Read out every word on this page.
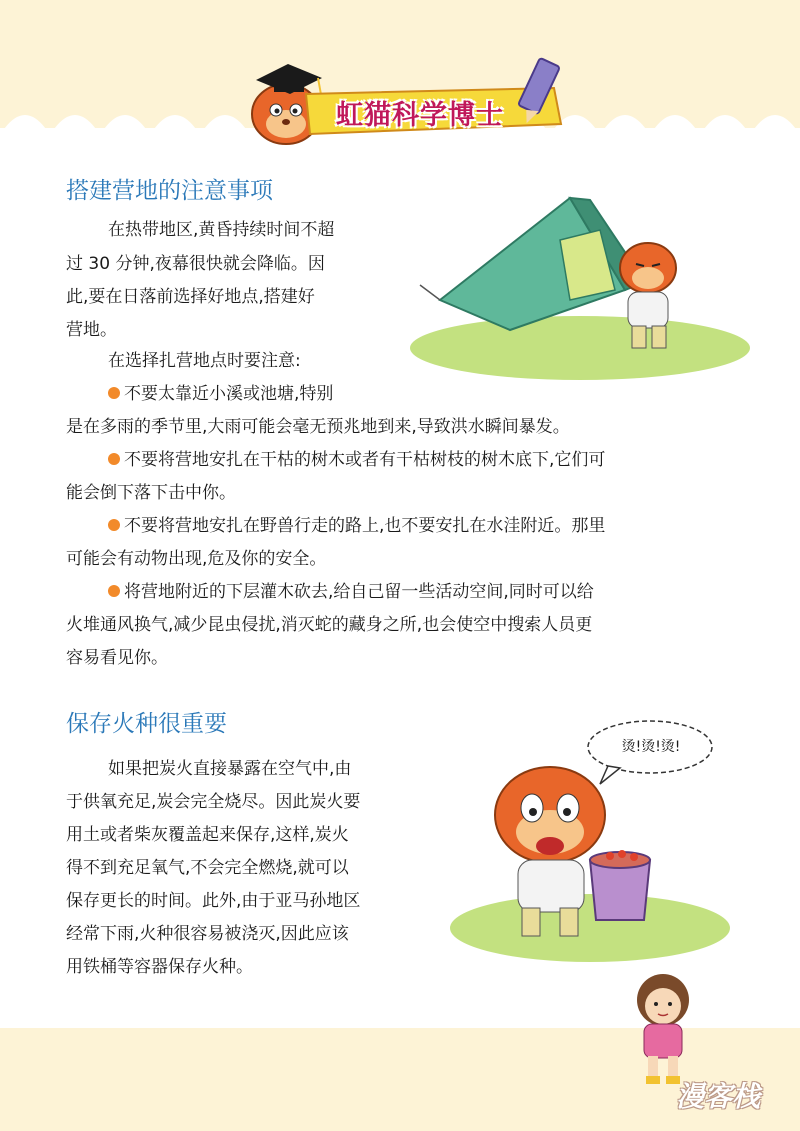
虹猫科学博士
搭建营地的注意事项
在热带地区,黄昏持续时间不超
过 30 分钟,夜幕很快就会降临。因
此,要在日落前选择好地点,搭建好
营地。
在选择扎营地点时要注意:
不要太靠近小溪或池塘,特别
是在多雨的季节里,大雨可能会毫无预兆地到来,导致洪水瞬间暴发。
不要将营地安扎在干枯的树木或者有干枯树枝的树木底下,它们可
能会倒下落下击中你。
不要将营地安扎在野兽行走的路上,也不要安扎在水洼附近。那里
可能会有动物出现,危及你的安全。
将营地附近的下层灌木砍去,给自己留一些活动空间,同时可以给
火堆通风换气,减少昆虫侵扰,消灭蛇的藏身之所,也会使空中搜索人员更
容易看见你。
保存火种很重要
如果把炭火直接暴露在空气中,由
于供氧充足,炭会完全烧尽。因此炭火要
用土或者柴灰覆盖起来保存,这样,炭火
得不到充足氧气,不会完全燃烧,就可以
保存更长的时间。此外,由于亚马孙地区
经常下雨,火种很容易被浇灭,因此应该
用铁桶等容器保存火种。
烫!烫!烫!
漫客栈
